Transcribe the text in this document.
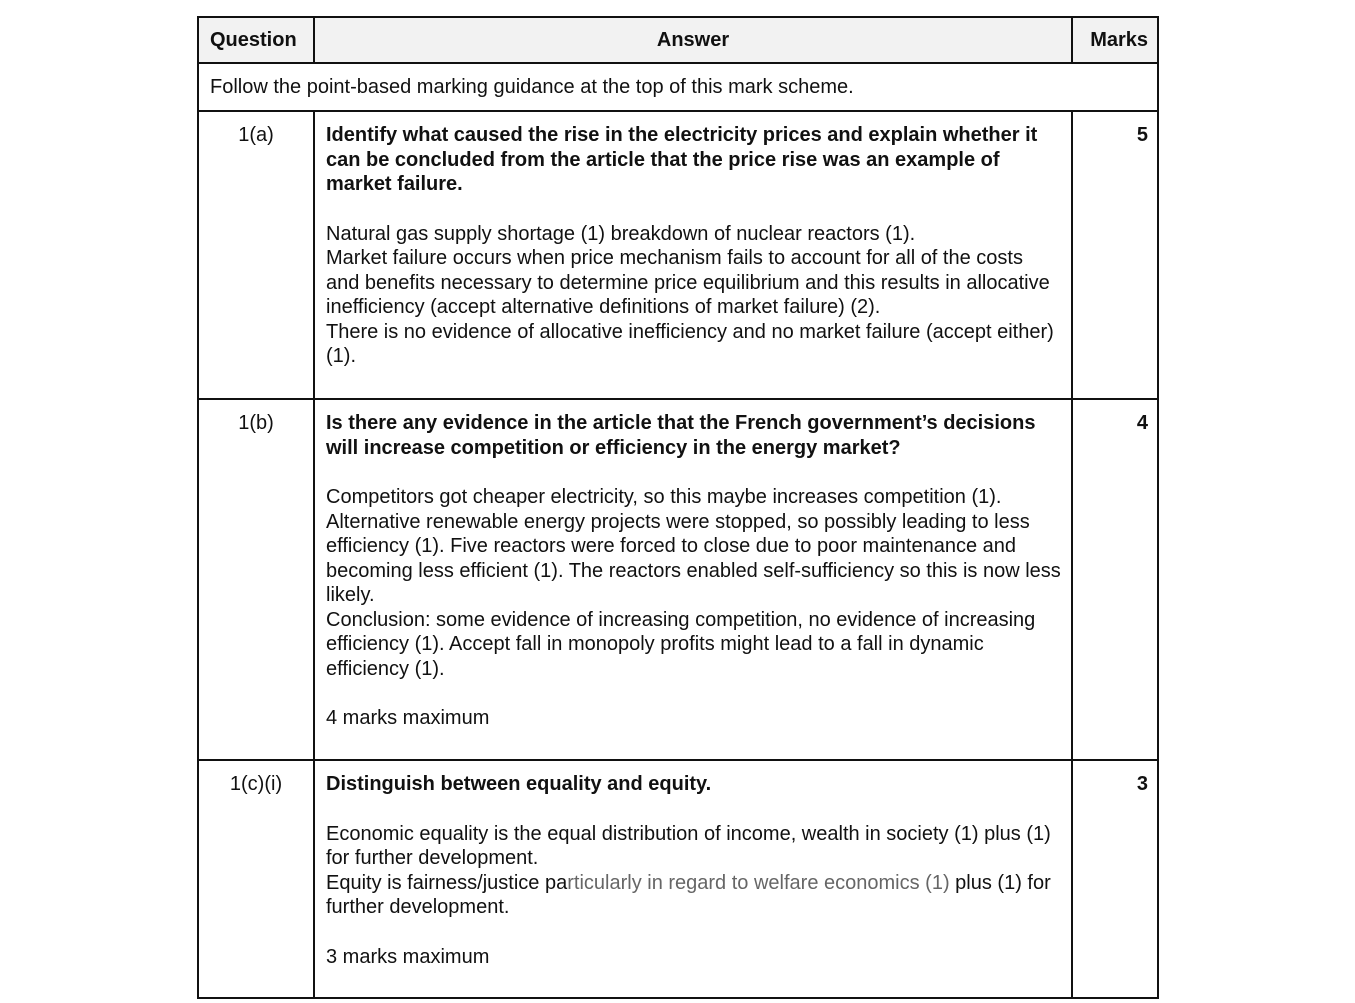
Question	Answer	Marks
Follow the point-based marking guidance at the top of this mark scheme.		
1(a)	Identify what caused the rise in the electricity prices and explain whether it can be concluded from the article that the price rise was an example of market failure.

Natural gas supply shortage (1) breakdown of nuclear reactors (1).

Market failure occurs when price mechanism fails to account for all of the costs and benefits necessary to determine price equilibrium and this results in allocative inefficiency (accept alternative definitions of market failure) (2).

There is no evidence of allocative inefficiency and no market failure (accept either) (1).	5
1(b)	Is there any evidence in the article that the French government’s decisions will increase competition or efficiency in the energy market?

Competitors got cheaper electricity, so this maybe increases competition (1). Alternative renewable energy projects were stopped, so possibly leading to less efficiency (1). Five reactors were forced to close due to poor maintenance and becoming less efficient (1). The reactors enabled self-sufficiency so this is now less likely.

Conclusion: some evidence of increasing competition, no evidence of increasing efficiency (1). Accept fall in monopoly profits might lead to a fall in dynamic efficiency (1).

4 marks maximum	4
1(c)(i)	Distinguish between equality and equity.

Economic equality is the equal distribution of income, wealth in society (1) plus (1) for further development.

Equity is fairness/justice particularly in regard to welfare economics (1) plus (1) for further development.

3 marks maximum	3
